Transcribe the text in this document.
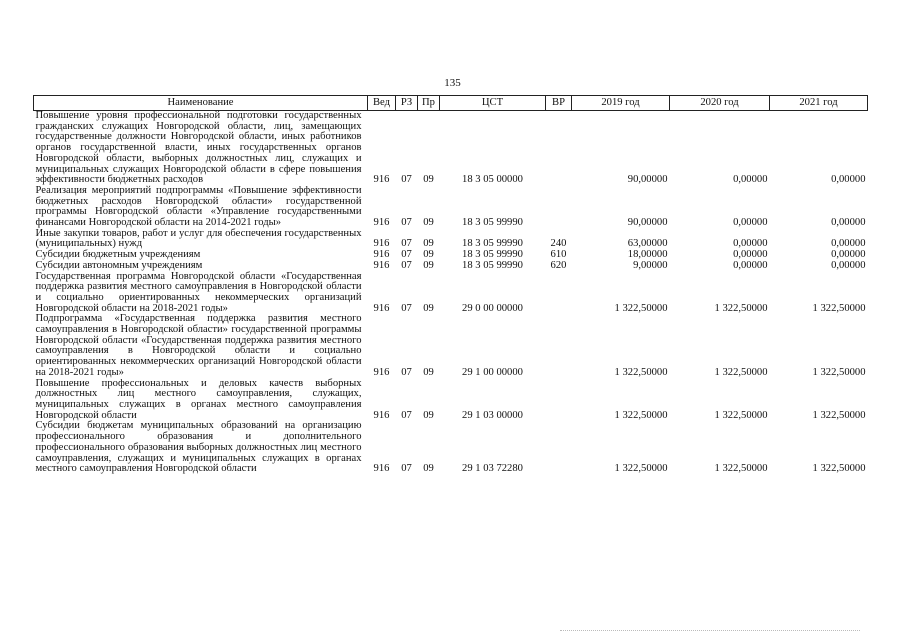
135
Наименование	Вед	РЗ	Пр	ЦСТ	ВР	2019 год	2020 год	2021 год
Повышение уровня профессиональной подготовки государственных гражданских служащих Новгородской области, лиц, замещающих государственные должности Новгородской области, иных работников органов государственной власти, иных государственных органов Новгородской области, выборных должностных лиц, служащих и муниципальных служащих Новгородской области в сфере повышения эффективности бюджетных расходов	916	07	09	18 3 05 00000		90,00000	0,00000	0,00000
Реализация мероприятий подпрограммы «Повышение эффективности бюджетных расходов Новгородской области» государственной программы Новгородской области «Управление государственными финансами Новгородской области на 2014-2021 годы»	916	07	09	18 3 05 99990		90,00000	0,00000	0,00000
Иные закупки товаров, работ и услуг для обеспечения государственных (муниципальных) нужд	916	07	09	18 3 05 99990	240	63,00000	0,00000	0,00000
Субсидии бюджетным учреждениям	916	07	09	18 3 05 99990	610	18,00000	0,00000	0,00000
Субсидии автономным учреждениям	916	07	09	18 3 05 99990	620	9,00000	0,00000	0,00000
Государственная программа Новгородской области «Государственная поддержка развития местного самоуправления в Новгородской области и социально ориентированных некоммерческих организаций Новгородской области на 2018-2021 годы»	916	07	09	29 0 00 00000		1 322,50000	1 322,50000	1 322,50000
Подпрограмма «Государственная поддержка развития местного самоуправления в Новгородской области» государственной программы Новгородской области «Государственная поддержка развития местного самоуправления в Новгородской области и социально ориентированных некоммерческих организаций Новгородской области на 2018-2021 годы»	916	07	09	29 1 00 00000		1 322,50000	1 322,50000	1 322,50000
Повышение профессиональных и деловых качеств выборных должностных лиц местного самоуправления, служащих, муниципальных служащих в органах местного самоуправления Новгородской области	916	07	09	29 1 03 00000		1 322,50000	1 322,50000	1 322,50000
Субсидии бюджетам муниципальных образований на организацию профессионального образования и дополнительного профессионального образования выборных должностных лиц местного самоуправления, служащих и муниципальных служащих в органах местного самоуправления Новгородской области	916	07	09	29 1 03 72280		1 322,50000	1 322,50000	1 322,50000
